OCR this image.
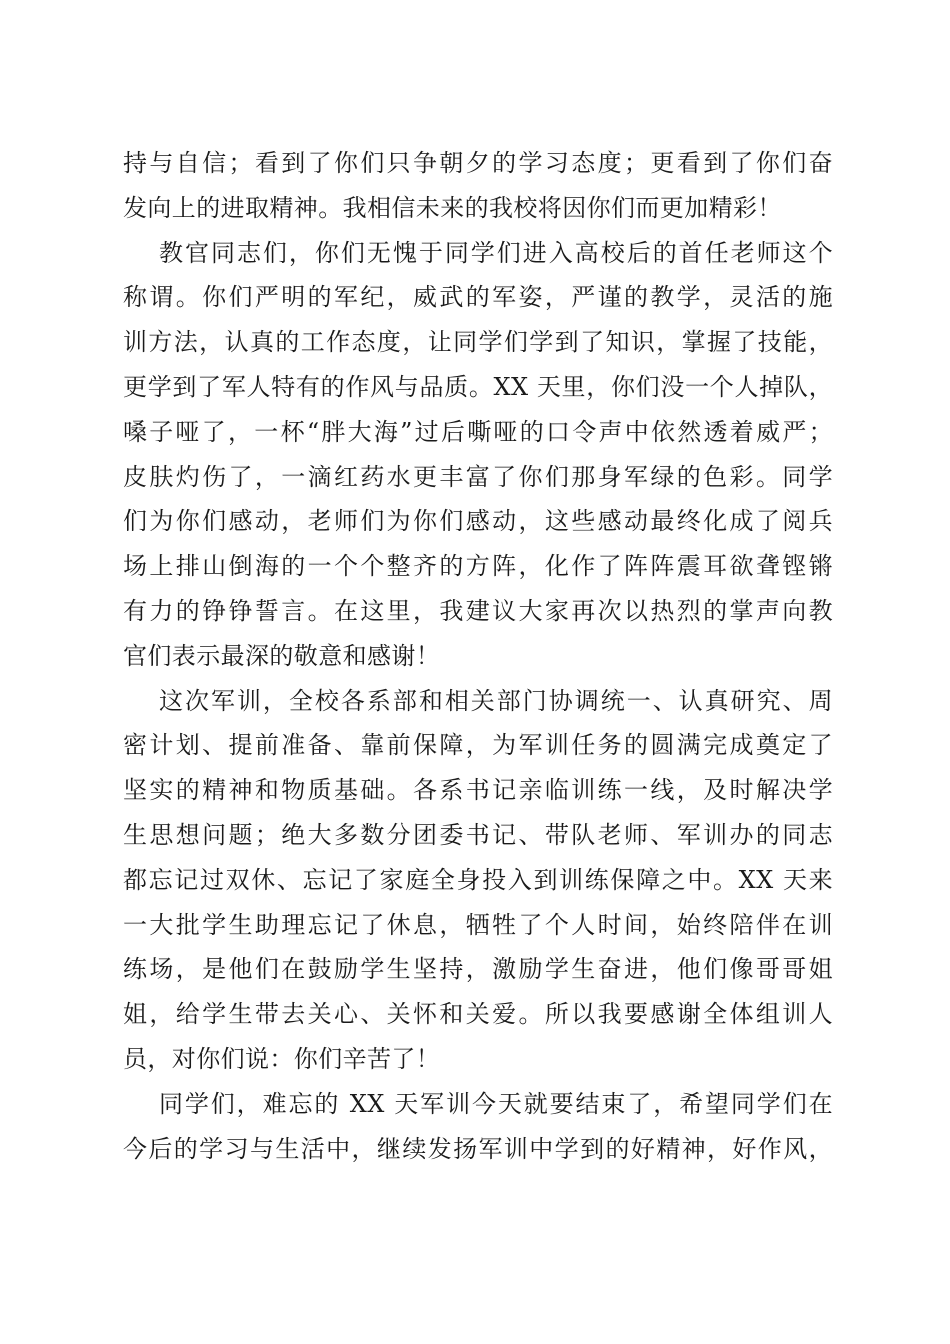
持与自信；看到了你们只争朝夕的学习态度；更看到了你们奋
发向上的进取精神。我相信未来的我校将因你们而更加精彩！
教官同志们，你们无愧于同学们进入高校后的首任老师这个
称谓。你们严明的军纪，威武的军姿，严谨的教学，灵活的施
训方法，认真的工作态度，让同学们学到了知识，掌握了技能，
更学到了军人特有的作风与品质。XX 天里，你们没一个人掉队，
嗓子哑了，一杯“胖大海”过后嘶哑的口令声中依然透着威严；
皮肤灼伤了，一滴红药水更丰富了你们那身军绿的色彩。同学
们为你们感动，老师们为你们感动，这些感动最终化成了阅兵
场上排山倒海的一个个整齐的方阵，化作了阵阵震耳欲聋铿锵
有力的铮铮誓言。在这里，我建议大家再次以热烈的掌声向教
官们表示最深的敬意和感谢！
这次军训，全校各系部和相关部门协调统一、认真研究、周
密计划、提前准备、靠前保障，为军训任务的圆满完成奠定了
坚实的精神和物质基础。各系书记亲临训练一线，及时解决学
生思想问题；绝大多数分团委书记、带队老师、军训办的同志
都忘记过双休、忘记了家庭全身投入到训练保障之中。XX 天来
一大批学生助理忘记了休息，牺牲了个人时间，始终陪伴在训
练场，是他们在鼓励学生坚持，激励学生奋进，他们像哥哥姐
姐，给学生带去关心、关怀和关爱。所以我要感谢全体组训人
员，对你们说：你们辛苦了！
同学们，难忘的 XX 天军训今天就要结束了，希望同学们在
今后的学习与生活中，继续发扬军训中学到的好精神，好作风，
